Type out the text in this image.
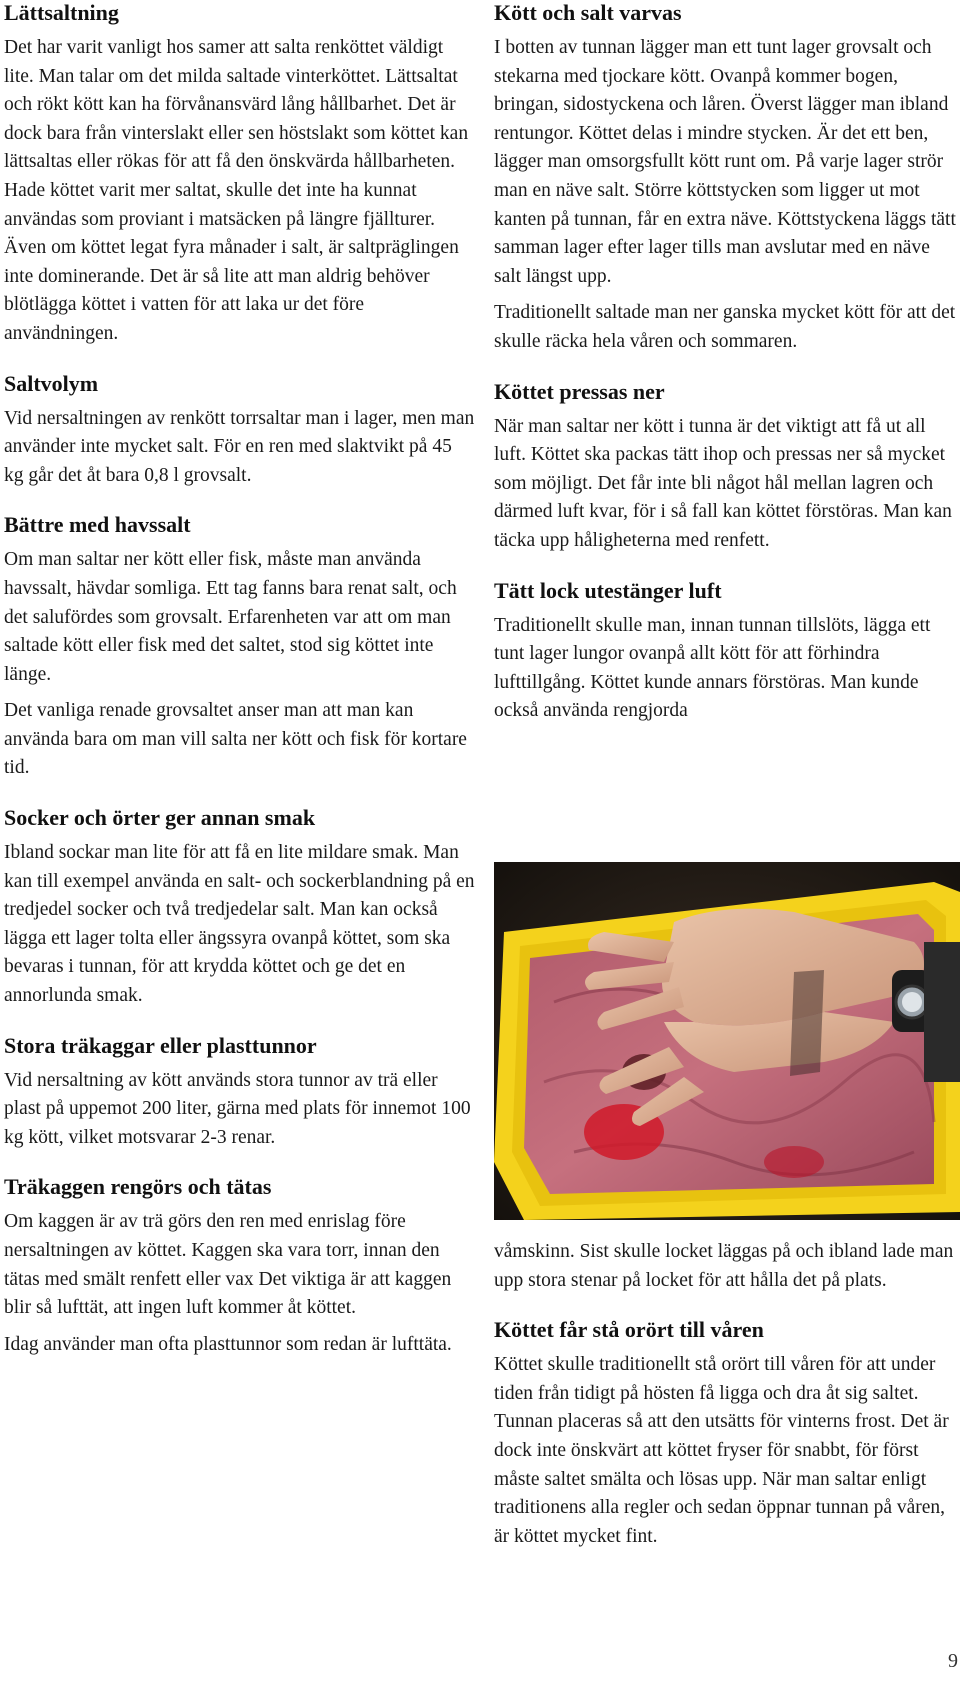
Lättsaltning

Det har varit vanligt hos samer att salta renköttet väldigt lite. Man talar om det milda saltade vinterköttet. Lättsaltat och rökt kött kan ha förvånansvärd lång hållbarhet. Det är dock bara från vinterslakt eller sen höstslakt som köttet kan lättsaltas eller rökas för att få den önskvärda hållbarheten. Hade köttet varit mer saltat, skulle det inte ha kunnat användas som proviant i matsäcken på längre fjällturer. Även om köttet legat fyra månader i salt, är saltpräglingen inte dominerande. Det är så lite att man aldrig behöver blötlägga köttet i vatten för att laka ur det före användningen.

Saltvolym

Vid nersaltningen av renkött torrsaltar man i lager, men man använder inte mycket salt. För en ren med slaktvikt på 45 kg går det åt bara 0,8 l grovsalt.

Bättre med havssalt

Om man saltar ner kött eller fisk, måste man använda havssalt, hävdar somliga. Ett tag fanns bara renat salt, och det salufördes som grovsalt. Erfarenheten var att om man saltade kött eller fisk med det saltet, stod sig köttet inte länge.

Det vanliga renade grovsaltet anser man att man kan använda bara om man vill salta ner kött och fisk för kortare tid.

Socker och örter ger annan smak

Ibland sockar man lite för att få en lite mildare smak. Man kan till exempel använda en salt- och sockerblandning på en tredjedel socker och två tredjedelar salt. Man kan också lägga ett lager tolta eller ängssyra ovanpå köttet, som ska bevaras i tunnan, för att krydda köttet och ge det en annorlunda smak.

Stora träkaggar eller plasttunnor

Vid nersaltning av kött används stora tunnor av trä eller plast på uppemot 200 liter, gärna med plats för innemot 100 kg kött, vilket motsvarar 2-3 renar.

Träkaggen rengörs och tätas

Om kaggen är av trä görs den ren med enrislag före nersaltningen av köttet. Kaggen ska vara torr, innan den tätas med smält renfett eller vax Det viktiga är att kaggen blir så lufttät, att ingen luft kommer åt köttet.

Idag använder man ofta plasttunnor som redan är lufttäta.

Kött och salt varvas

I botten av tunnan lägger man ett tunt lager grovsalt och stekarna med tjockare kött. Ovanpå kommer bogen, bringan, sidostyckena och låren. Överst lägger man ibland rentungor. Köttet delas i mindre stycken. Är det ett ben, lägger man omsorgsfullt kött runt om. På varje lager strör man en näve salt. Större köttstycken som ligger ut mot kanten på tunnan, får en extra näve. Köttstyckena läggs tätt samman lager efter lager tills man avslutar med en näve salt längst upp.

Traditionellt saltade man ner ganska mycket kött för att det skulle räcka hela våren och sommaren.

Köttet pressas ner

När man saltar ner kött i tunna är det viktigt att få ut all luft. Köttet ska packas tätt ihop och pressas ner så mycket som möjligt. Det får inte bli något hål mellan lagren och därmed luft kvar, för i så fall kan köttet förstöras. Man kan täcka upp håligheterna med renfett.

Tätt lock utestänger luft

Traditionellt skulle man, innan tunnan tillslöts, lägga ett tunt lager lungor ovanpå allt kött för att förhindra lufttillgång. Köttet kunde annars förstöras. Man kunde också använda rengjorda

våmskinn. Sist skulle locket läggas på och ibland lade man upp stora stenar på locket för att hålla det på plats.

Köttet får stå orört till våren

Köttet skulle traditionellt stå orört till våren för att under tiden från tidigt på hösten få ligga och dra åt sig saltet. Tunnan placeras så att den utsätts för vinterns frost. Det är dock inte önskvärt att köttet fryser för snabbt, för först måste saltet smälta och lösas upp. När man saltar enligt traditionens alla regler och sedan öppnar tunnan på våren, är köttet mycket fint.

9
